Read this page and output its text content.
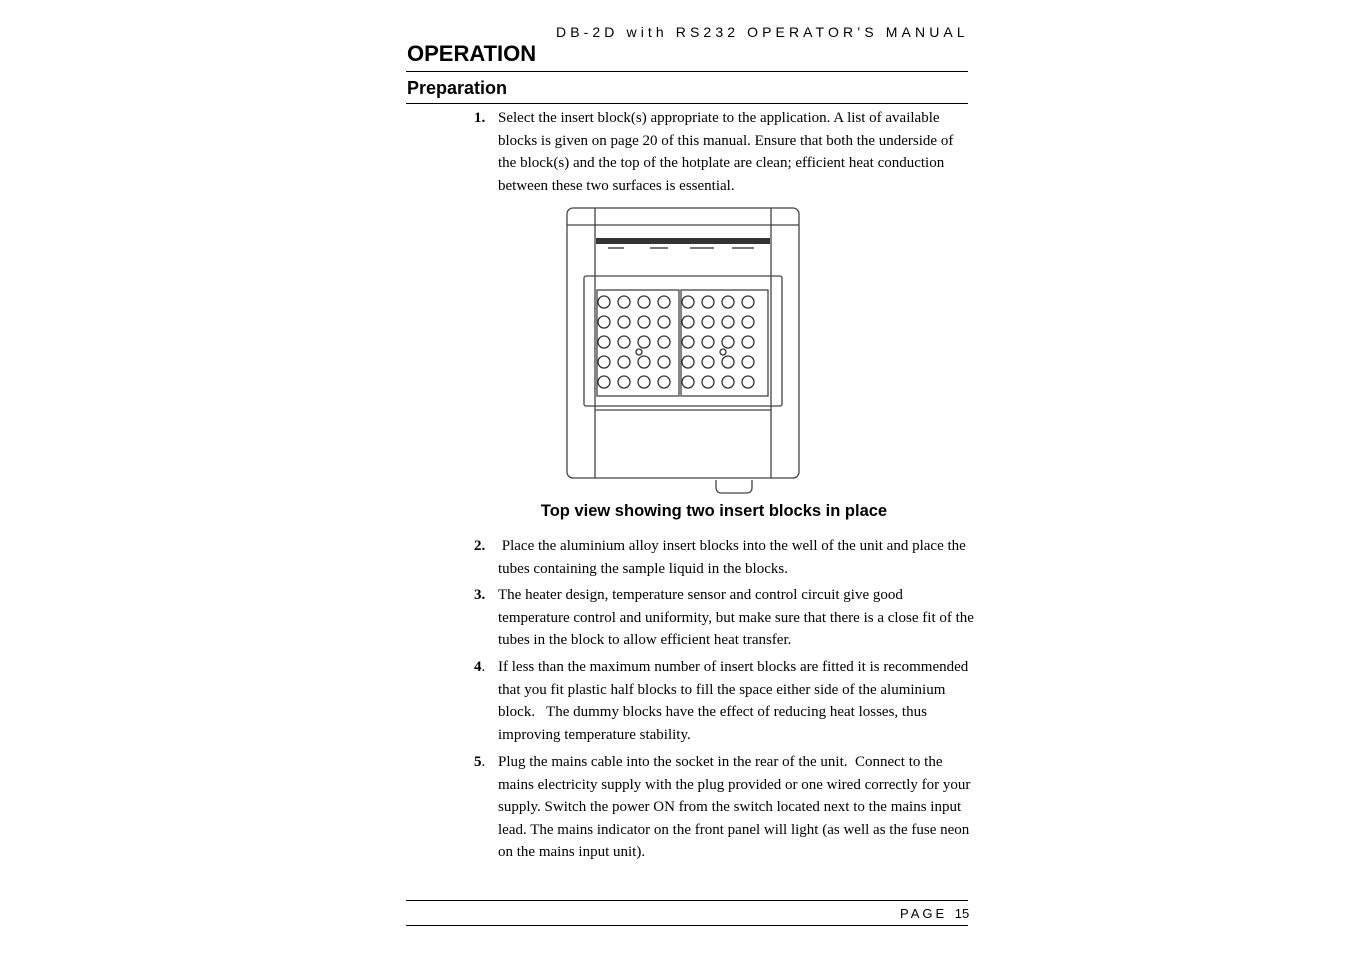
DB-2D with RS232 OPERATOR’S MANUAL
OPERATION
Preparation
1. Select the insert block(s) appropriate to the application. A list of available blocks is given on page 20 of this manual. Ensure that both the underside of the block(s) and the top of the hotplate are clean; efficient heat conduction between these two surfaces is essential.
Top view showing two insert blocks in place
2. Place the aluminium alloy insert blocks into the well of the unit and place the tubes containing the sample liquid in the blocks.
3. The heater design, temperature sensor and control circuit give good temperature control and uniformity, but make sure that there is a close fit of the tubes in the block to allow efficient heat transfer.
4. If less than the maximum number of insert blocks are fitted it is recommended that you fit plastic half blocks to fill the space either side of the aluminium block.   The dummy blocks have the effect of reducing heat losses, thus improving temperature stability.
5. Plug the mains cable into the socket in the rear of the unit.  Connect to the mains electricity supply with the plug provided or one wired correctly for your supply. Switch the power ON from the switch located next to the mains input lead. The mains indicator on the front panel will light (as well as the fuse neon on the mains input unit).
PAGE 15
